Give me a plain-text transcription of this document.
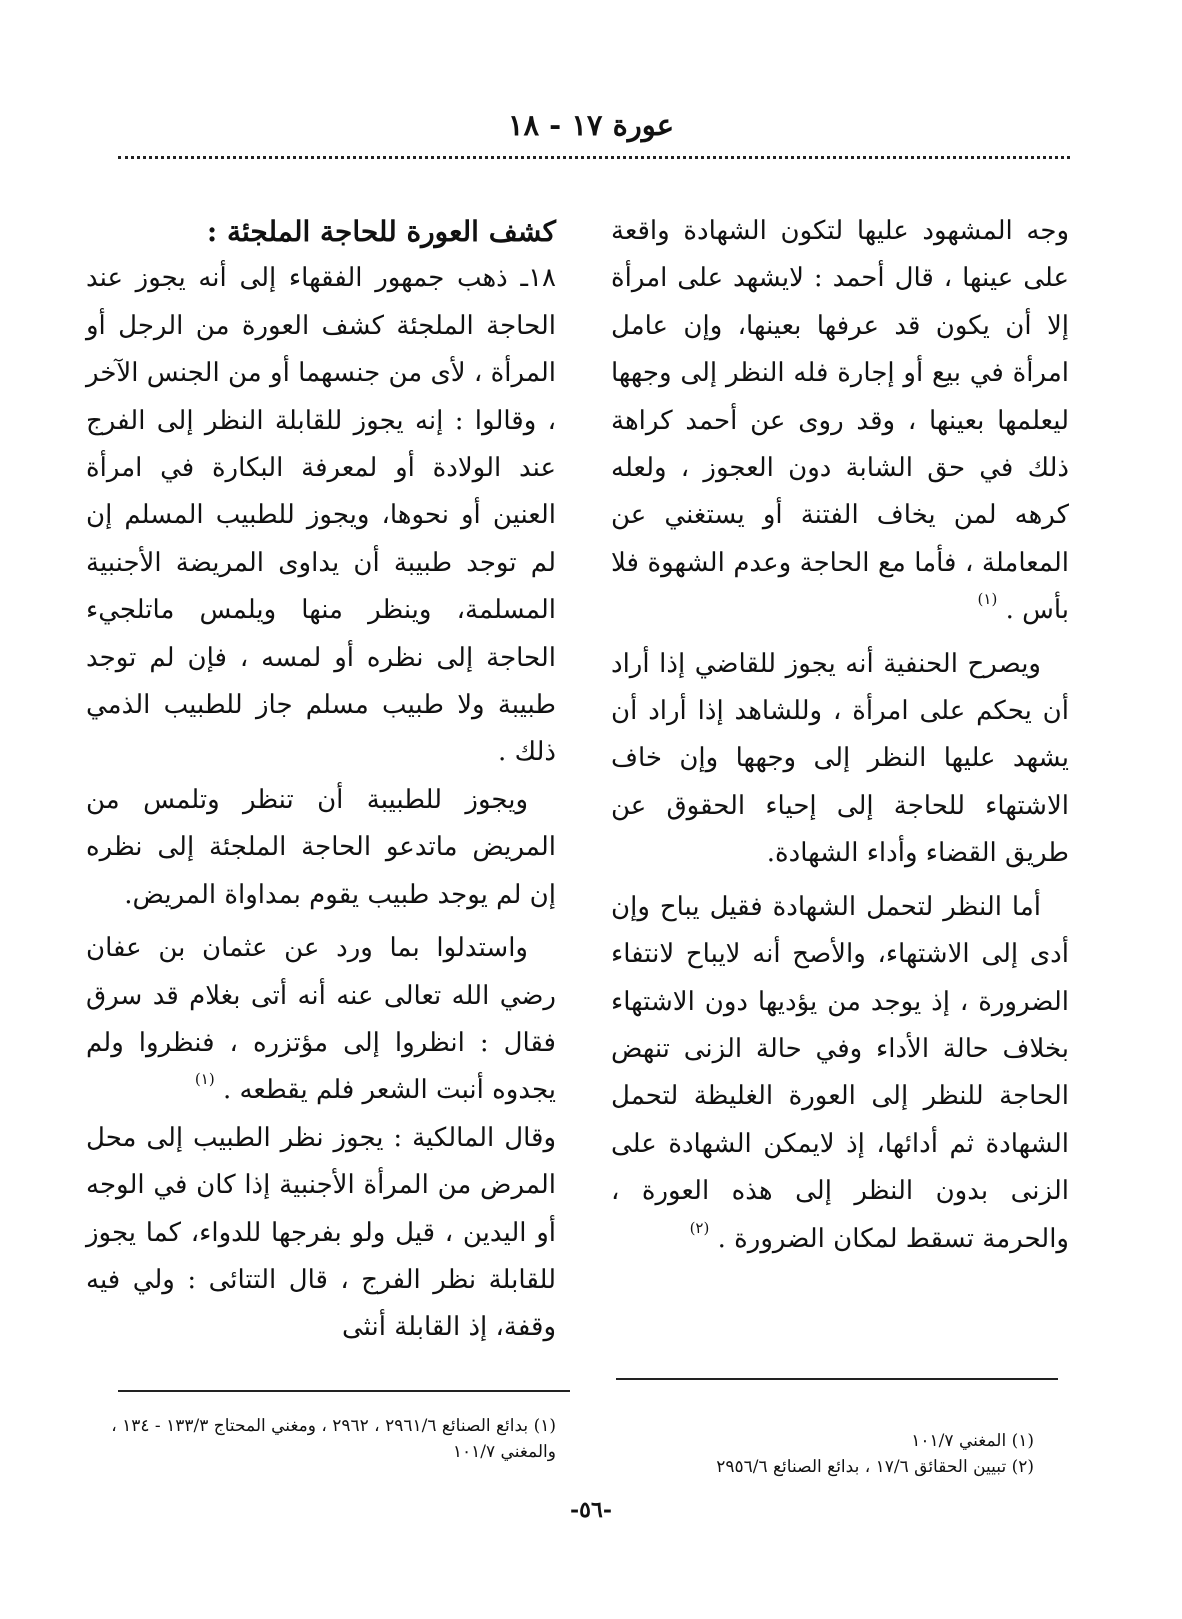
عورة ١٧ - ١٨

وجه المشهود عليها لتكون الشهادة واقعة على عينها ، قال أحمد : لايشهد على امرأة إلا أن يكون قد عرفها بعينها، وإن عامل امرأة في بيع أو إجارة فله النظر إلى وجهها ليعلمها بعينها ، وقد روى عن أحمد كراهة ذلك في حق الشابة دون العجوز ، ولعله كرهه لمن يخاف الفتنة أو يستغني عن المعاملة ، فأما مع الحاجة وعدم الشهوة فلا بأس . $^{(١)}$

ويصرح الحنفية أنه يجوز للقاضي إذا أراد أن يحكم على امرأة ، وللشاهد إذا أراد أن يشهد عليها النظر إلى وجهها وإن خاف الاشتهاء للحاجة إلى إحياء الحقوق عن طريق القضاء وأداء الشهادة.

أما النظر لتحمل الشهادة فقيل يباح وإن أدى إلى الاشتهاء، والأصح أنه لايباح لانتفاء الضرورة ، إذ يوجد من يؤديها دون الاشتهاء بخلاف حالة الأداء وفي حالة الزنى تنهض الحاجة للنظر إلى العورة الغليظة لتحمل الشهادة ثم أدائها، إذ لايمكن الشهادة على الزنى بدون النظر إلى هذه العورة ، والحرمة تسقط لمكان الضرورة . $^{(٢)}$

كشف العورة للحاجة الملجئة :

١٨ـ ذهب جمهور الفقهاء إلى أنه يجوز عند الحاجة الملجئة كشف العورة من الرجل أو المرأة ، لأى من جنسهما أو من الجنس الآخر ، وقالوا : إنه يجوز للقابلة النظر إلى الفرج عند الولادة أو لمعرفة البكارة في امرأة العنين أو نحوها، ويجوز للطبيب المسلم إن لم توجد طبيبة أن يداوى المريضة الأجنبية المسلمة، وينظر منها ويلمس ماتلجيء الحاجة إلى نظره أو لمسه ، فإن لم توجد طبيبة ولا طبيب مسلم جاز للطبيب الذمي ذلك .

ويجوز للطبيبة أن تنظر وتلمس من المريض ماتدعو الحاجة الملجئة إلى نظره إن لم يوجد طبيب يقوم بمداواة المريض.

واستدلوا بما ورد عن عثمان بن عفان رضي الله تعالى عنه أنه أتى بغلام قد سرق فقال : انظروا إلى مؤتزره ، فنظروا ولم يجدوه أنبت الشعر فلم يقطعه . $^{(١)}$

وقال المالكية : يجوز نظر الطبيب إلى محل المرض من المرأة الأجنبية إذا كان في الوجه أو اليدين ، قيل ولو بفرجها للدواء، كما يجوز للقابلة نظر الفرج ، قال التتائى : ولي فيه وقفة، إذ القابلة أنثى

(١) المغني ١٠١/٧
(٢) تبيين الحقائق ١٧/٦ ، بدائع الصنائع ٢٩٥٦/٦
(١) بدائع الصنائع ٢٩٦١/٦ ، ٢٩٦٢ ، ومغني المحتاج ١٣٣/٣ - ١٣٤ ، والمغني ١٠١/٧
-٥٦-
